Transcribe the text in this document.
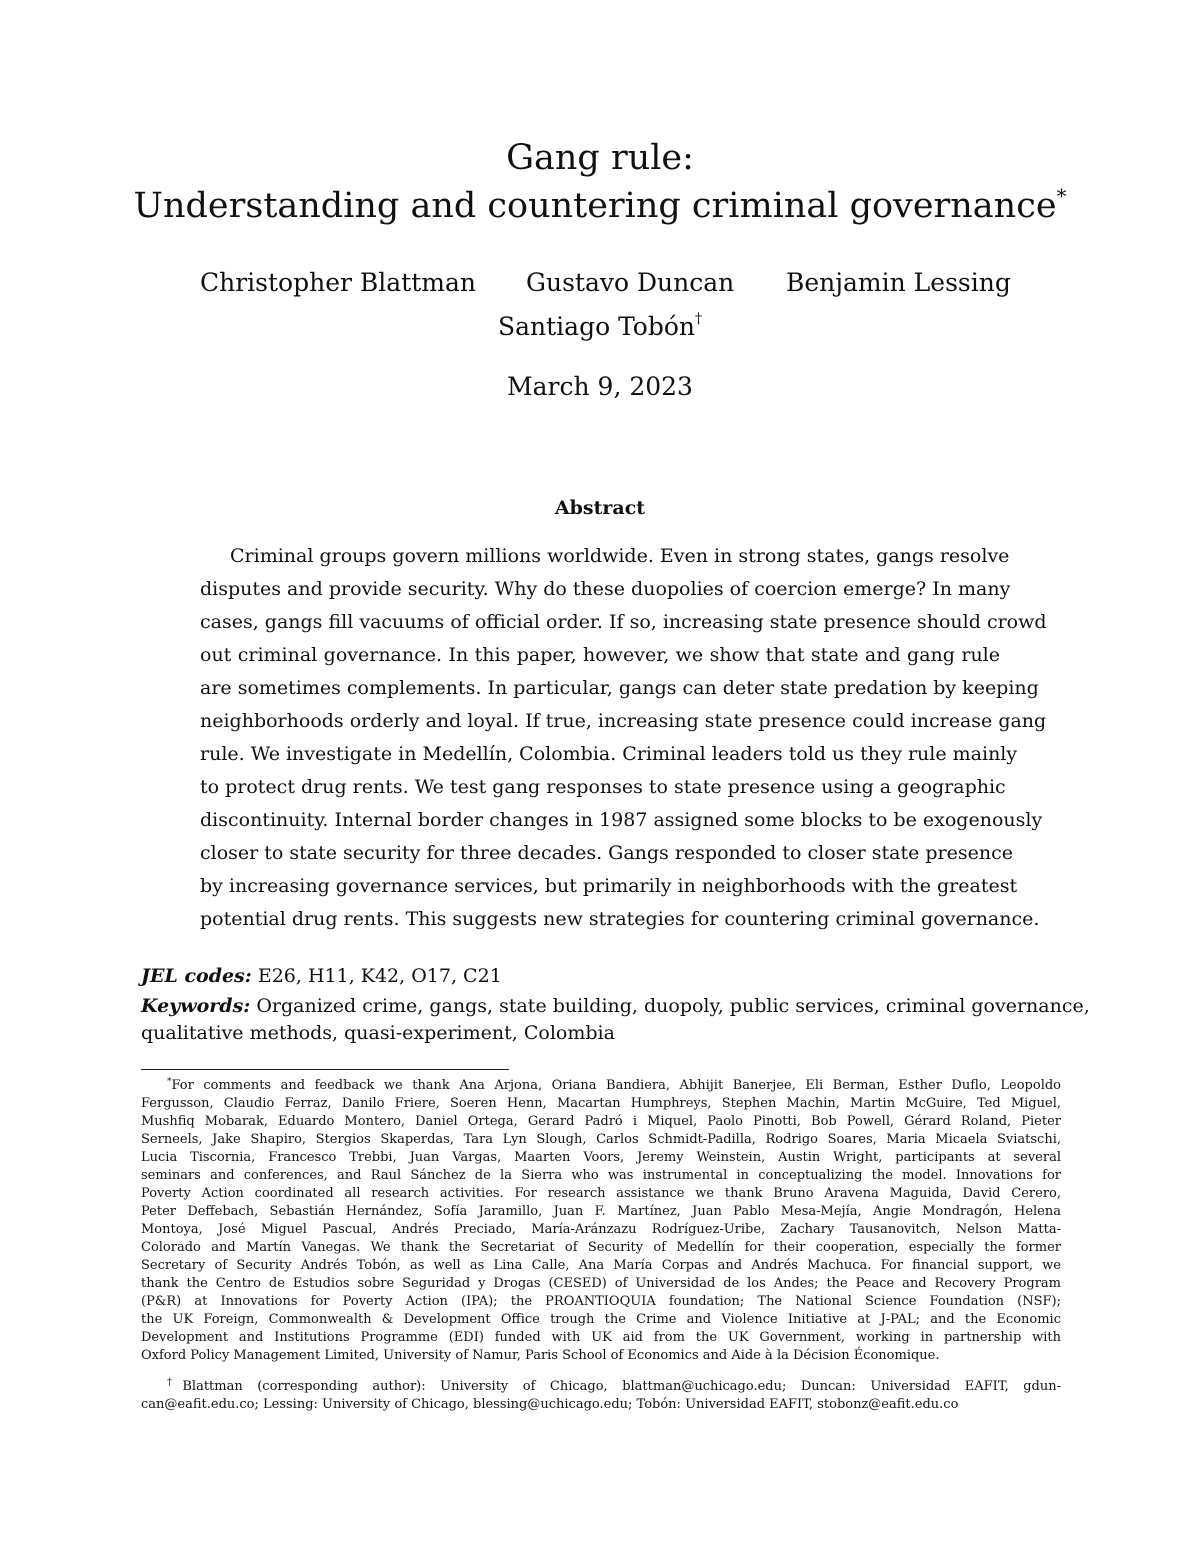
Gang rule:
Understanding and countering criminal governance*
Christopher Blattman Gustavo Duncan Benjamin Lessing
Santiago Tobón†
March 9, 2023
Abstract
Criminal groups govern millions worldwide. Even in strong states, gangs resolve
disputes and provide security. Why do these duopolies of coercion emerge? In many
cases, gangs fill vacuums of official order. If so, increasing state presence should crowd
out criminal governance. In this paper, however, we show that state and gang rule
are sometimes complements. In particular, gangs can deter state predation by keeping
neighborhoods orderly and loyal. If true, increasing state presence could increase gang
rule. We investigate in Medellín, Colombia. Criminal leaders told us they rule mainly
to protect drug rents. We test gang responses to state presence using a geographic
discontinuity. Internal border changes in 1987 assigned some blocks to be exogenously
closer to state security for three decades. Gangs responded to closer state presence
by increasing governance services, but primarily in neighborhoods with the greatest
potential drug rents. This suggests new strategies for countering criminal governance.
JEL codes: E26, H11, K42, O17, C21
Keywords: Organized crime, gangs, state building, duopoly, public services, criminal governance,
qualitative methods, quasi-experiment, Colombia
*For comments and feedback we thank Ana Arjona, Oriana Bandiera, Abhijit Banerjee, Eli Berman, Esther Duflo, Leopoldo
Fergusson, Claudio Ferraz, Danilo Friere, Soeren Henn, Macartan Humphreys, Stephen Machin, Martin McGuire, Ted Miguel,
Mushfiq Mobarak, Eduardo Montero, Daniel Ortega, Gerard Padró i Miquel, Paolo Pinotti, Bob Powell, Gérard Roland, Pieter
Serneels, Jake Shapiro, Stergios Skaperdas, Tara Lyn Slough, Carlos Schmidt-Padilla, Rodrigo Soares, Maria Micaela Sviatschi,
Lucia Tiscornia, Francesco Trebbi, Juan Vargas, Maarten Voors, Jeremy Weinstein, Austin Wright, participants at several
seminars and conferences, and Raul Sánchez de la Sierra who was instrumental in conceptualizing the model. Innovations for
Poverty Action coordinated all research activities. For research assistance we thank Bruno Aravena Maguida, David Cerero,
Peter Deffebach, Sebastián Hernández, Sofía Jaramillo, Juan F. Martínez, Juan Pablo Mesa-Mejía, Angie Mondragón, Helena
Montoya, José Miguel Pascual, Andrés Preciado, María-Aránzazu Rodríguez-Uribe, Zachary Tausanovitch, Nelson Matta-
Colorado and Martín Vanegas. We thank the Secretariat of Security of Medellín for their cooperation, especially the former
Secretary of Security Andrés Tobón, as well as Lina Calle, Ana María Corpas and Andrés Machuca. For financial support, we
thank the Centro de Estudios sobre Seguridad y Drogas (CESED) of Universidad de los Andes; the Peace and Recovery Program
(P&R) at Innovations for Poverty Action (IPA); the PROANTIOQUIA foundation; The National Science Foundation (NSF);
the UK Foreign, Commonwealth & Development Office trough the Crime and Violence Initiative at J-PAL; and the Economic
Development and Institutions Programme (EDI) funded with UK aid from the UK Government, working in partnership with
Oxford Policy Management Limited, University of Namur, Paris School of Economics and Aide à la Décision Économique.
†Blattman (corresponding author): University of Chicago, blattman@uchicago.edu; Duncan: Universidad EAFIT, gdun-
can@eafit.edu.co; Lessing: University of Chicago, blessing@uchicago.edu; Tobón: Universidad EAFIT, stobonz@eafit.edu.co
